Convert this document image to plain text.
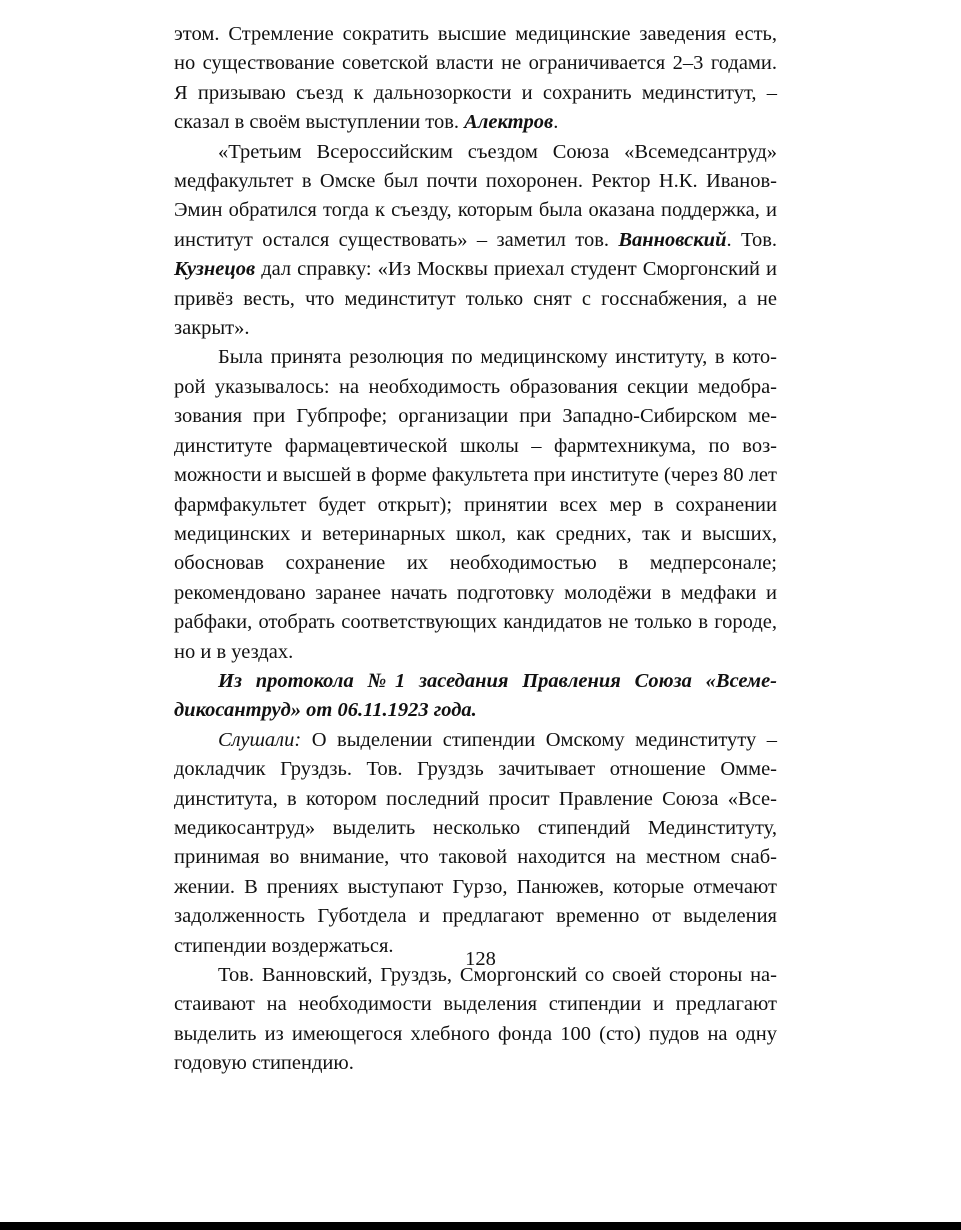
этом. Стремление сократить высшие медицинские заведения есть, но существование советской власти не ограничивается 2–3 годами. Я призываю съезд к дальнозоркости и сохранить мединститут, – сказал в своём выступлении тов. Алектров.

«Третьим Всероссийским съездом Союза «Всемедсантруд» медфакультет в Омске был почти похоронен. Ректор Н.К. Иванов-Эмин обратился тогда к съезду, которым была оказана поддержка, и институт остался существовать» – заметил тов. Ванновский. Тов. Кузнецов дал справку: «Из Москвы приехал студент Сморгонский и привёз весть, что мединститут только снят с госснабжения, а не закрыт».

Была принята резолюция по медицинскому институту, в которой указывалось: на необходимость образования секции медобразования при Губпрофе; организации при Западно-Сибирском мединституте фармацевтической школы – фармтехникума, по возможности и высшей в форме факультета при институте (через 80 лет фармфакультет будет открыт); принятии всех мер в сохранении медицинских и ветеринарных школ, как средних, так и высших, обосновав сохранение их необходимостью в медперсонале; рекомендовано заранее начать подготовку молодёжи в медфаки и рабфаки, отобрать соответствующих кандидатов не только в городе, но и в уездах.

Из протокола №1 заседания Правления Союза «Всемедикосантруд» от 06.11.1923 года.

Слушали: О выделении стипендии Омскому мединституту – докладчик Груздзь. Тов. Груздзь зачитывает отношение Оммединститута, в котором последний просит Правление Союза «Всемедикосантруд» выделить несколько стипендий Мединституту, принимая во внимание, что таковой находится на местном снабжении. В прениях выступают Гурзо, Панюжев, которые отмечают задолженность Губотдела и предлагают временно от выделения стипендии воздержаться.

Тов. Ванновский, Груздзь, Сморгонский со своей стороны настаивают на необходимости выделения стипендии и предлагают выделить из имеющегося хлебного фонда 100 (сто) пудов на одну годовую стипендию.

128
